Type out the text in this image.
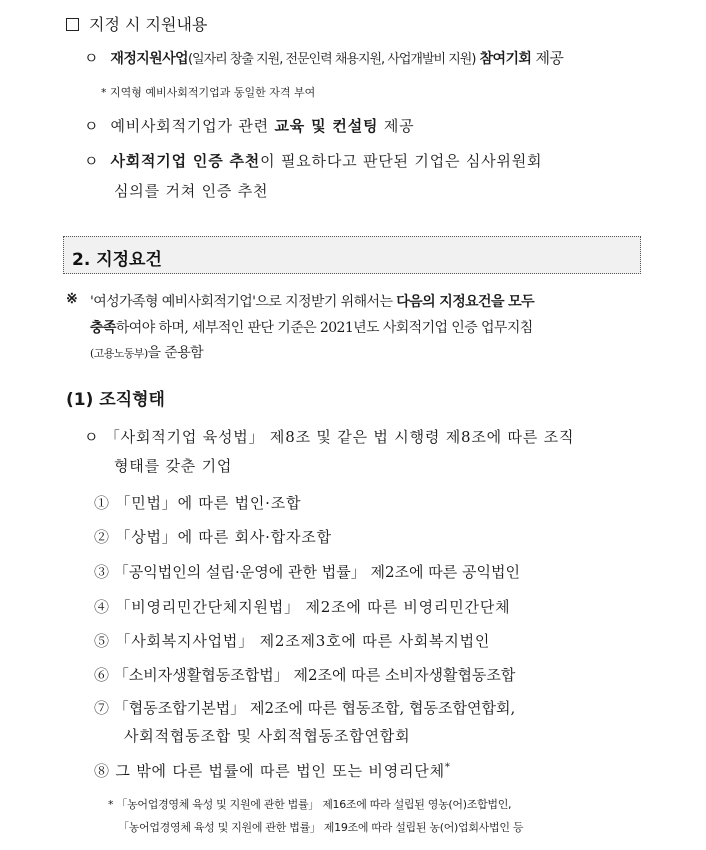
지정 시 지원내용
ㅇ 재정지원사업(일자리 창출 지원, 전문인력 채용지원, 사업개발비 지원) 참여기회 제공
* 지역형 예비사회적기업과 동일한 자격 부여
ㅇ 예비사회적기업가 관련 교육 및 컨설팅 제공
ㅇ 사회적기업 인증 추천이 필요하다고 판단된 기업은 심사위원회
심의를 거쳐 인증 추천
2. 지정요건
※ '여성가족형 예비사회적기업'으로 지정받기 위해서는 다음의 지정요건을 모두
충족하여야 하며, 세부적인 판단 기준은 2021년도 사회적기업 인증 업무지침
(고용노동부)을 준용함
(1) 조직형태
ㅇ 「사회적기업 육성법」 제8조 및 같은 법 시행령 제8조에 따른 조직
형태를 갖춘 기업
① 「민법」에 따른 법인·조합
② 「상법」에 따른 회사·합자조합
③ 「공익법인의 설립·운영에 관한 법률」 제2조에 따른 공익법인
④ 「비영리민간단체지원법」 제2조에 따른 비영리민간단체
⑤ 「사회복지사업법」 제2조제3호에 따른 사회복지법인
⑥ 「소비자생활협동조합법」 제2조에 따른 소비자생활협동조합
⑦ 「협동조합기본법」 제2조에 따른 협동조합, 협동조합연합회,
사회적협동조합 및 사회적협동조합연합회
⑧ 그 밖에 다른 법률에 따른 법인 또는 비영리단체*
* 「농어업경영체 육성 및 지원에 관한 법률」 제16조에 따라 설립된 영농(어)조합법인,
「농어업경영체 육성 및 지원에 관한 법률」 제19조에 따라 설립된 농(어)업회사법인 등
